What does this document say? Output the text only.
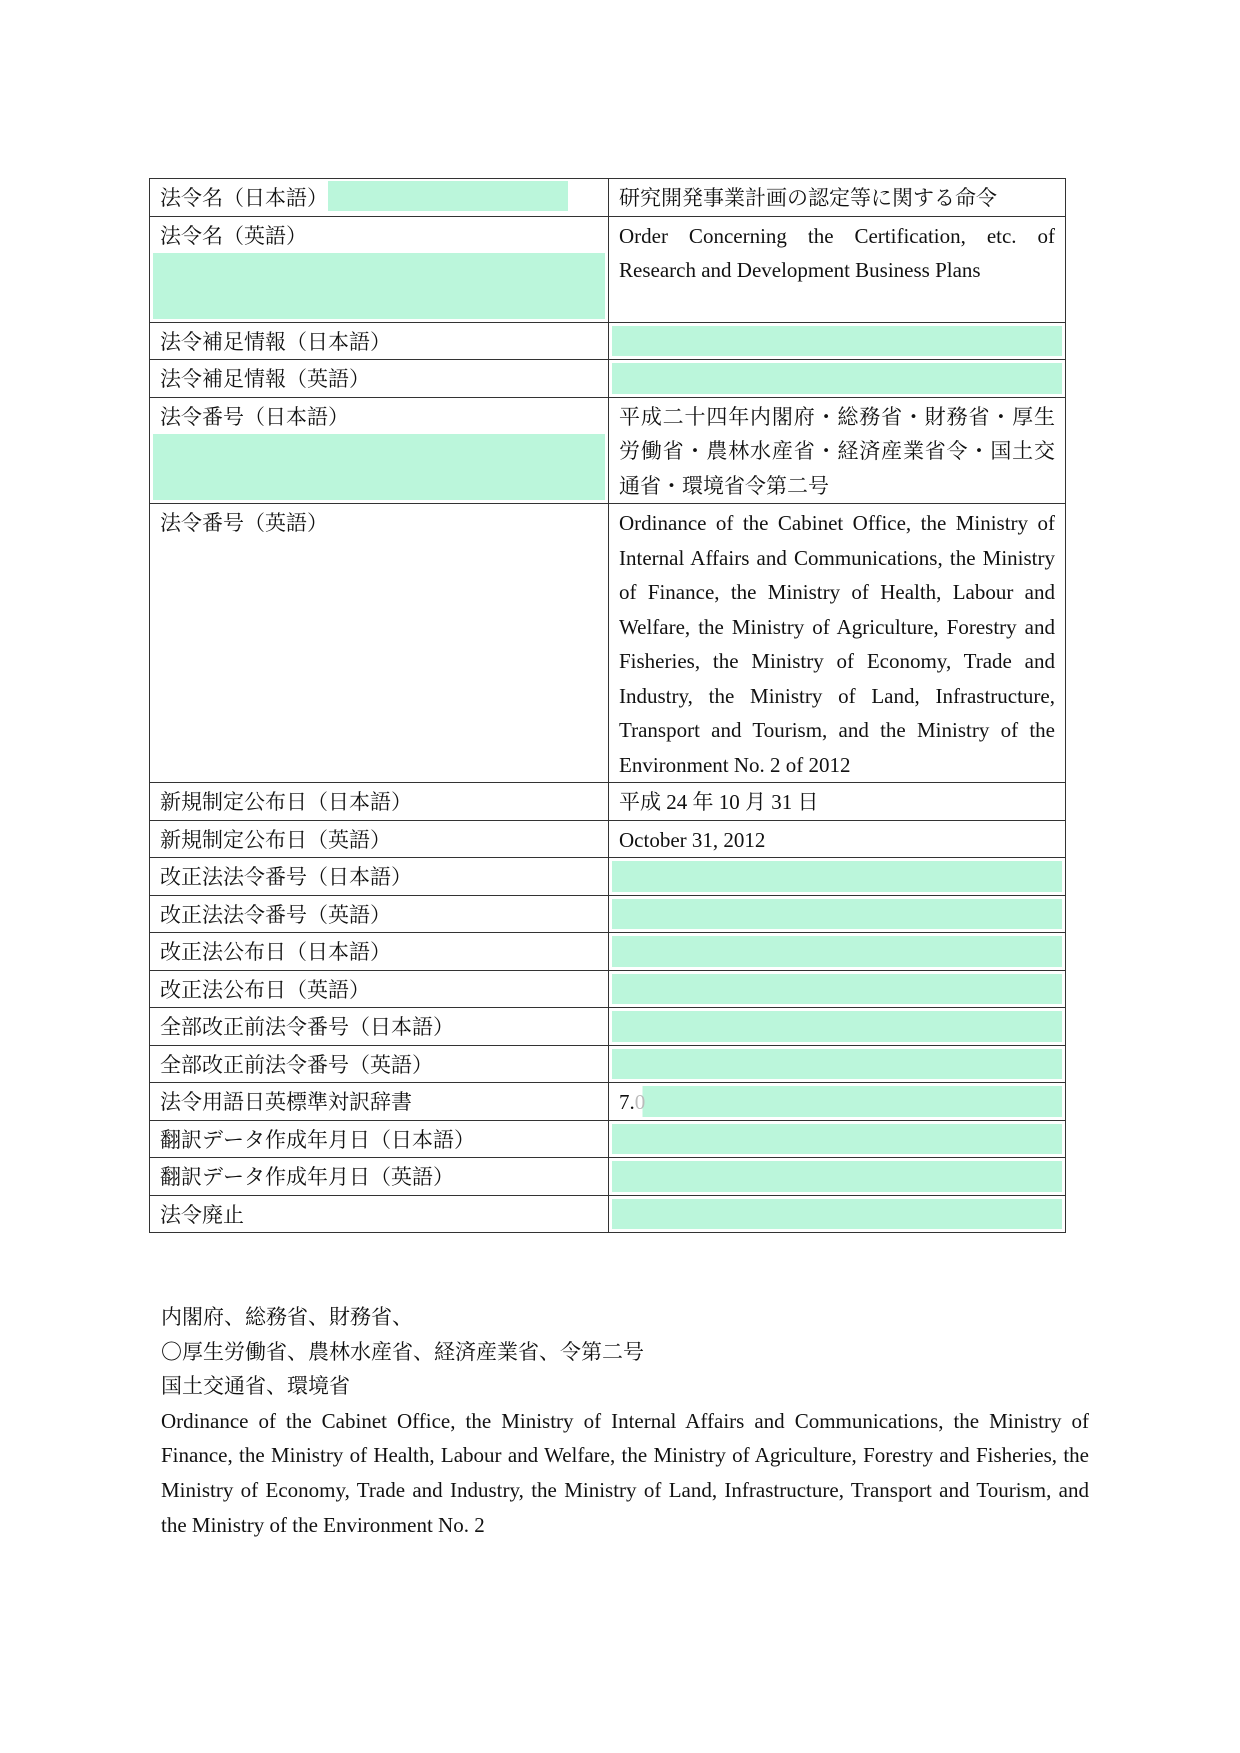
法令名（日本語）	研究開発事業計画の認定等に関する命令
法令名（英語）	Order Concerning the Certification, etc. of Research and Development Business Plans
法令補足情報（日本語）	
法令補足情報（英語）	
法令番号（日本語）	平成二十四年内閣府・総務省・財務省・厚生労働省・農林水産省・経済産業省令・国土交通省・環境省令第二号
法令番号（英語）	Ordinance of the Cabinet Office, the Ministry of Internal Affairs and Communications, the Ministry of Finance, the Ministry of Health, Labour and Welfare, the Ministry of Agriculture, Forestry and Fisheries, the Ministry of Economy, Trade and Industry, the Ministry of Land, Infrastructure, Transport and Tourism, and the Ministry of the Environment No. 2 of 2012
新規制定公布日（日本語）	平成 24 年 10 月 31 日
新規制定公布日（英語）	October 31, 2012
改正法法令番号（日本語）	
改正法法令番号（英語）	
改正法公布日（日本語）	
改正法公布日（英語）	
全部改正前法令番号（日本語）	
全部改正前法令番号（英語）	
法令用語日英標準対訳辞書	7.0
翻訳データ作成年月日（日本語）	
翻訳データ作成年月日（英語）	
法令廃止	
内閣府、総務省、財務省、
〇厚生労働省、農林水産省、経済産業省、令第二号
国土交通省、環境省
Ordinance of the Cabinet Office, the Ministry of Internal Affairs and Communications, the Ministry of Finance, the Ministry of Health, Labour and Welfare, the Ministry of Agriculture, Forestry and Fisheries, the Ministry of Economy, Trade and Industry, the Ministry of Land, Infrastructure, Transport and Tourism, and the Ministry of the Environment No. 2
